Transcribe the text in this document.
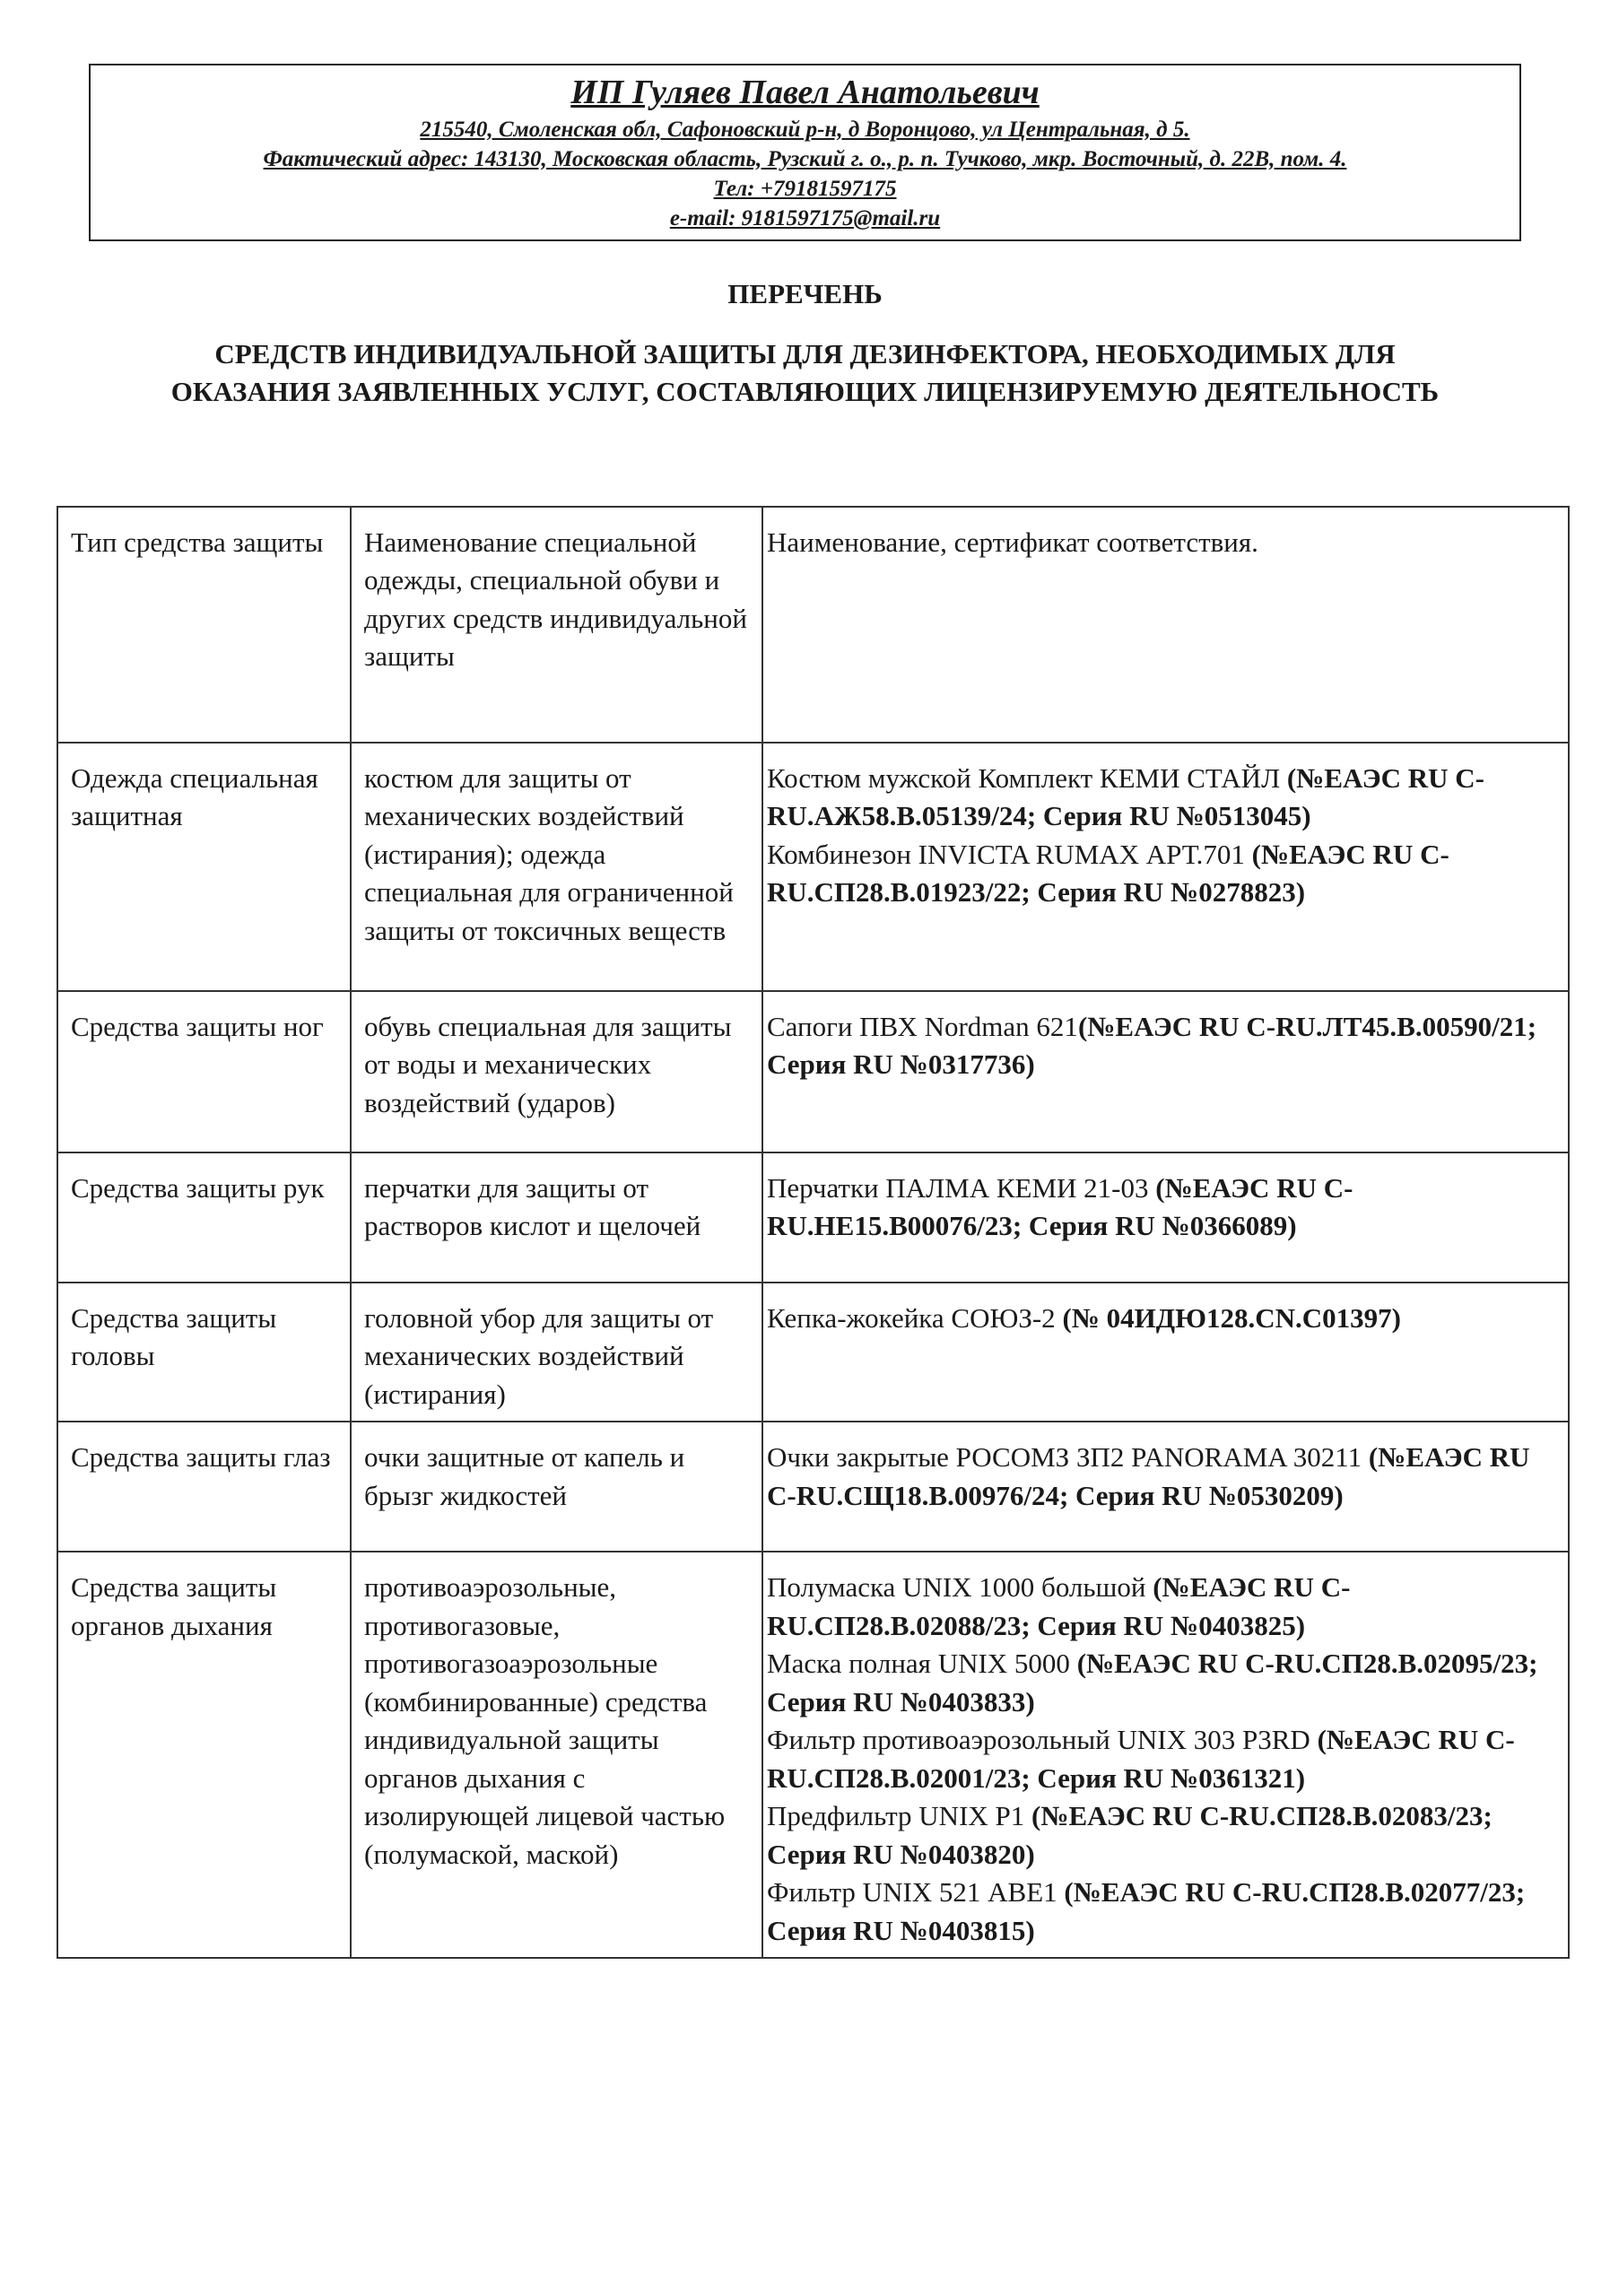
ИП Гуляев Павел Анатольевич
215540, Смоленская обл, Сафоновский р-н, д Воронцово, ул Центральная, д 5.
Фактический адрес: 143130, Московская область, Рузский г. о., р. п. Тучково, мкр. Восточный, д. 22В, пом. 4.
Тел: +79181597175
e-mail: 9181597175@mail.ru
ПЕРЕЧЕНЬ
СРЕДСТВ ИНДИВИДУАЛЬНОЙ ЗАЩИТЫ ДЛЯ ДЕЗИНФЕКТОРА, НЕОБХОДИМЫХ ДЛЯ ОКАЗАНИЯ ЗАЯВЛЕННЫХ УСЛУГ, СОСТАВЛЯЮЩИХ ЛИЦЕНЗИРУЕМУЮ ДЕЯТЕЛЬНОСТЬ
Тип средства защиты	Наименование специальной одежды, специальной обуви и других средств индивидуальной защиты	Наименование, сертификат соответствия.
Одежда специальная защитная	костюм для защиты от механических воздействий (истирания); одежда специальная для ограниченной защиты от токсичных веществ	Костюм мужской Комплект КЕМИ СТАЙЛ (№ЕАЭС RU C-RU.АЖ58.В.05139/24; Серия RU №0513045)
Комбинезон INVICTA RUMAX АРТ.701 (№ЕАЭС RU C-RU.СП28.В.01923/22; Серия RU №0278823)

Средства защиты ног	обувь специальная для защиты от воды и механических воздействий (ударов)	Сапоги ПВХ Nordman 621(№ЕАЭС RU C-RU.ЛТ45.В.00590/21; Серия RU №0317736)

Средства защиты рук	перчатки для защиты от растворов кислот и щелочей	Перчатки ПАЛМА КЕМИ 21-03 (№ЕАЭС RU C-RU.НЕ15.В00076/23; Серия RU №0366089)

Средства защиты головы	головной убор для защиты от механических воздействий (истирания)	Кепка-жокейка СОЮЗ-2 (№ 04ИДЮ128.CN.С01397)

Средства защиты глаз	очки защитные от капель и брызг жидкостей	Очки закрытые РОСОМЗ ЗП2 PANORAMA 30211 (№ЕАЭС RU C-RU.СЩ18.В.00976/24; Серия RU №0530209)

Средства защиты органов дыхания	противоаэрозольные, противогазовые, противогазоаэрозольные (комбинированные) средства индивидуальной защиты органов дыхания с изолирующей лицевой частью (полумаской, маской)	Полумаска UNIX 1000 большой (№ЕАЭС RU C-RU.СП28.В.02088/23; Серия RU №0403825)
Маска полная UNIX 5000 (№ЕАЭС RU C-RU.СП28.В.02095/23; Серия RU №0403833)
Фильтр противоаэрозольный UNIX 303 P3RD (№ЕАЭС RU C-RU.СП28.В.02001/23; Серия RU №0361321)
Предфильтр UNIX P1 (№ЕАЭС RU C-RU.СП28.В.02083/23; Серия RU №0403820)
Фильтр UNIX 521 АВЕ1 (№ЕАЭС RU C-RU.СП28.В.02077/23; Серия RU №0403815)
